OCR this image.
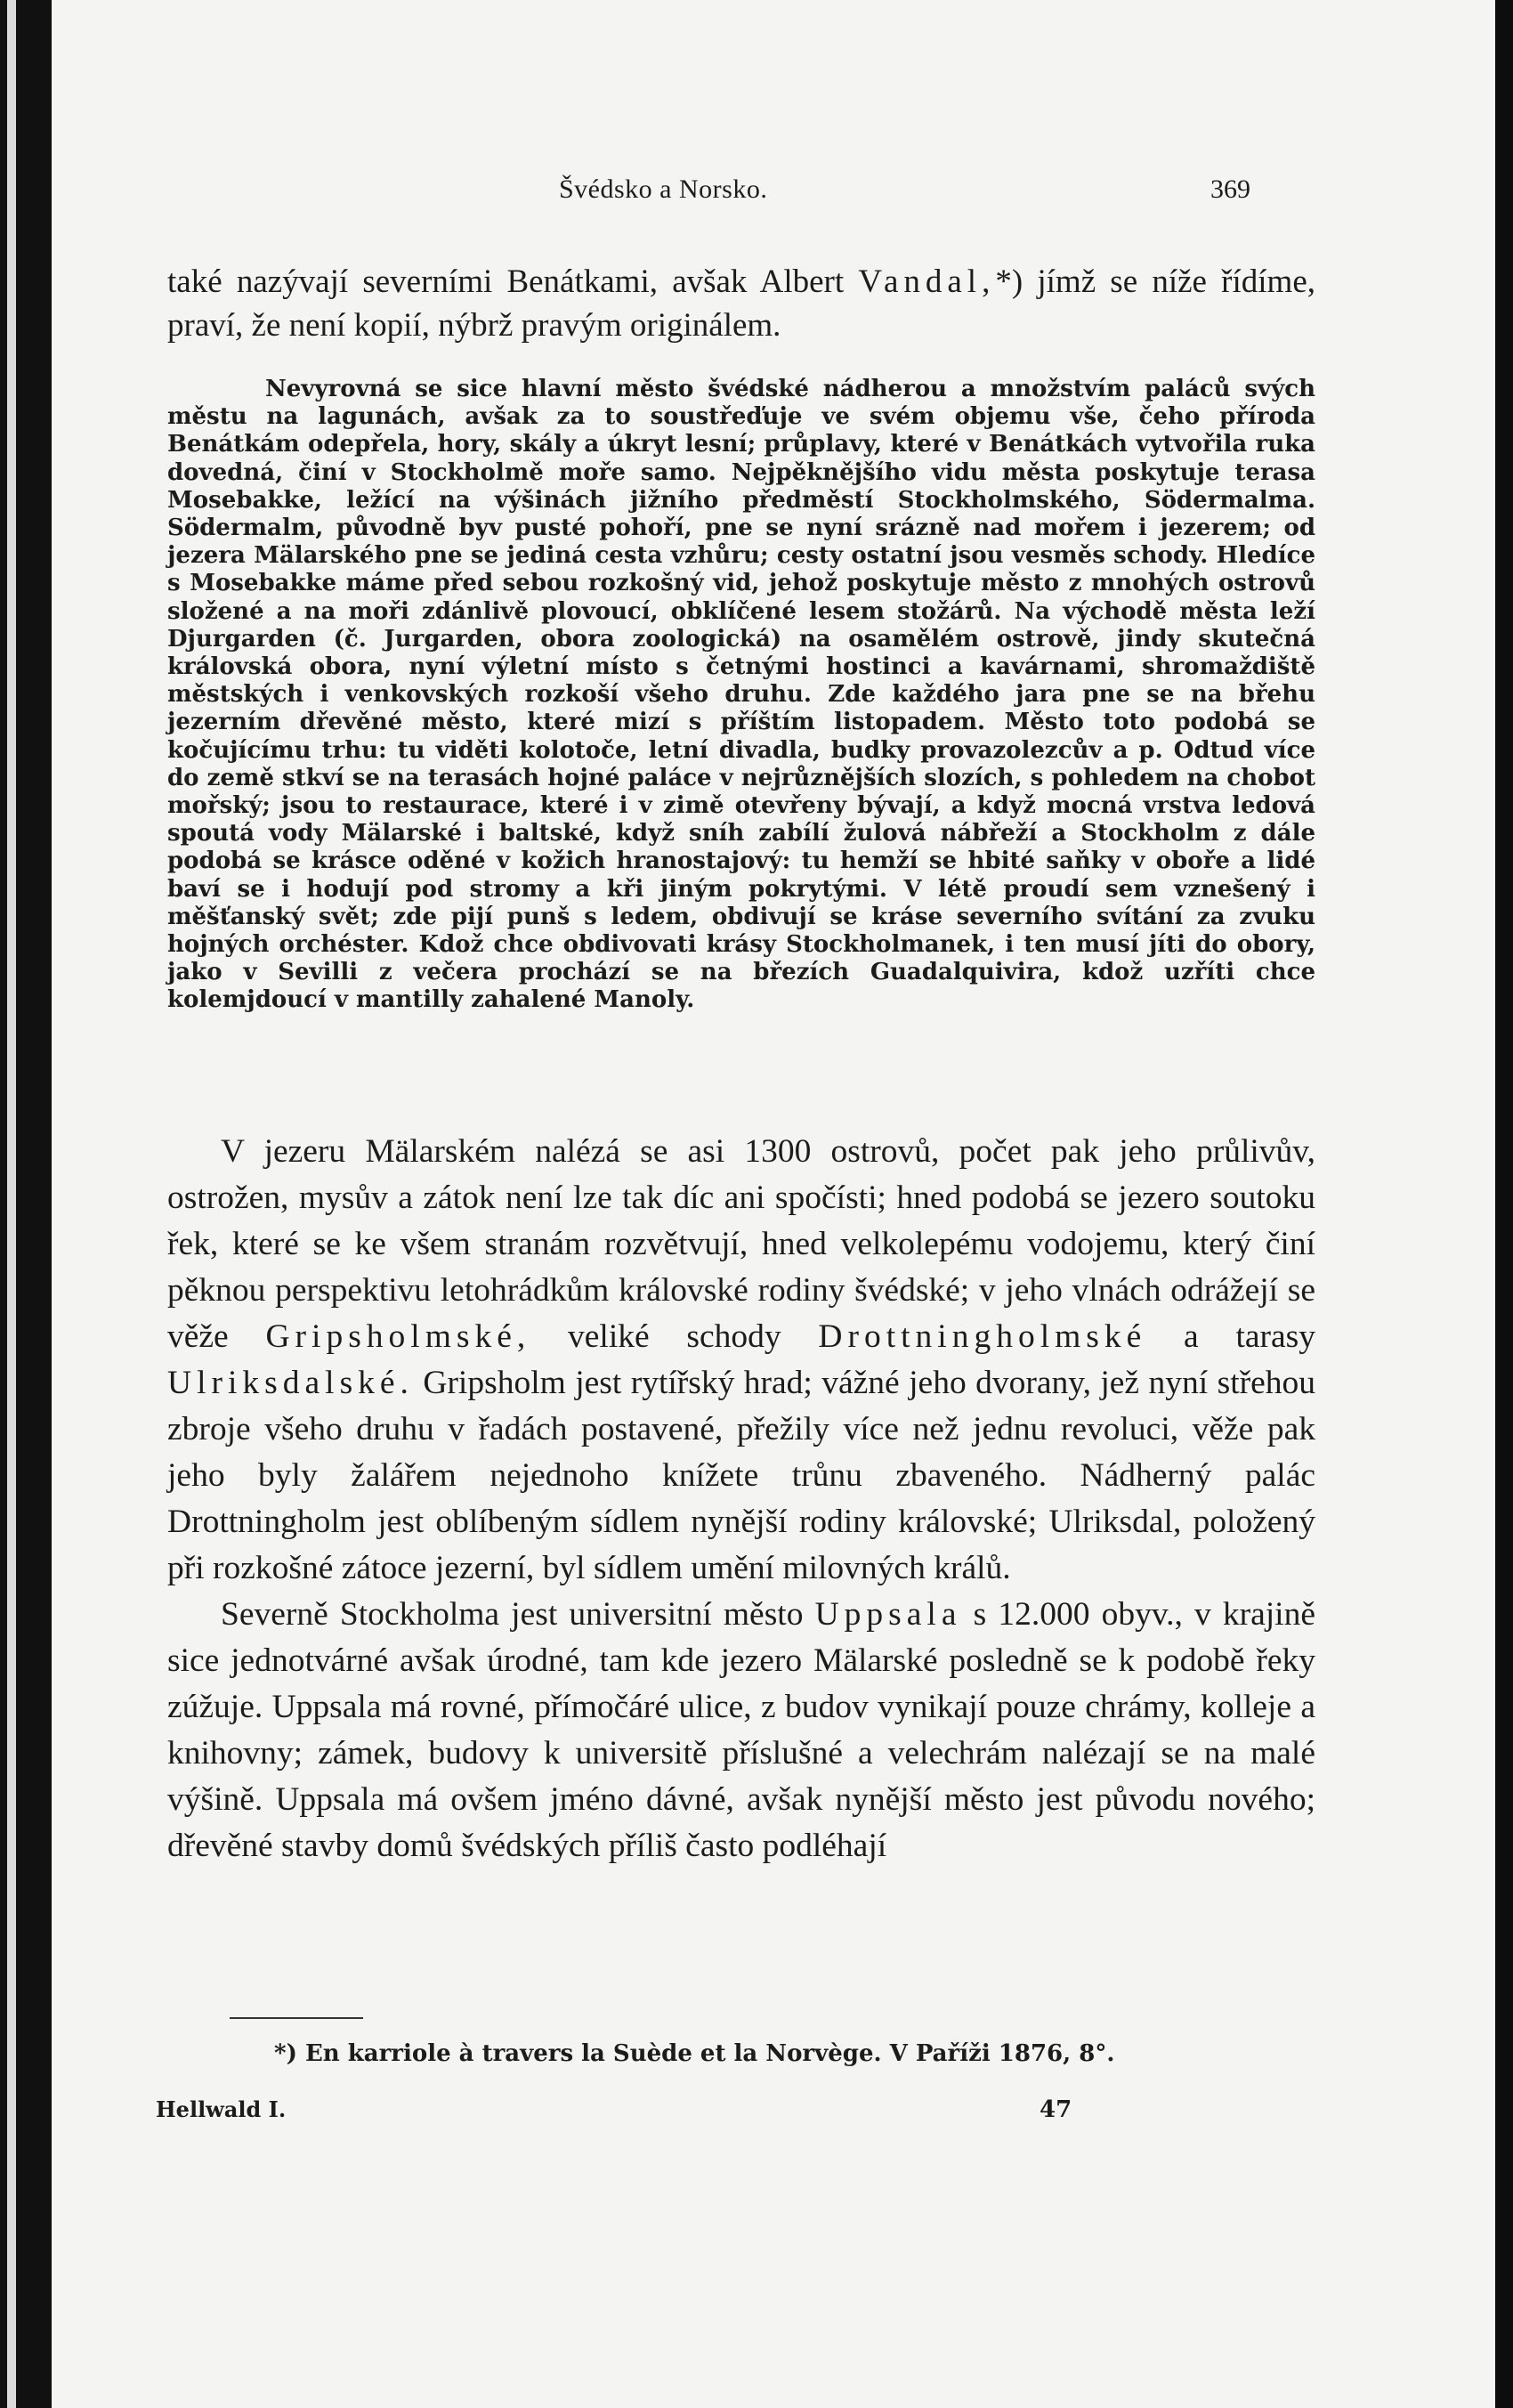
Švédsko a Norsko.	369
také nazývají severními Benátkami, avšak Albert Vandal,*) jímž se níže řídíme, praví, že není kopií, nýbrž pravým originálem.
Nevyrovná se sice hlavní město švédské nádherou a množstvím paláců svých městu na lagunách, avšak za to soustřeďuje ve svém objemu vše, čeho příroda Benátkám odepřela, hory, skály a úkryt lesní; průplavy, které v Benátkách vytvořila ruka dovedná, činí v Stockholmě moře samo. Nejpěknějšího vidu města poskytuje terasa Mosebakke, ležící na výšinách jižního předměstí Stockholmského, Södermalma. Södermalm, původně byv pusté pohoří, pne se nyní srázně nad mořem i jezerem; od jezera Mälarského pne se jediná cesta vzhůru; cesty ostatní jsou vesměs schody. Hledíce s Mosebakke máme před sebou rozkošný vid, jehož poskytuje město z mnohých ostrovů složené a na moři zdánlivě plovoucí, obklíčené lesem stožárů. Na východě města leží Djurgarden (č. Jurgarden, obora zoologická) na osamělém ostrově, jindy skutečná královská obora, nyní výletní místo s četnými hostinci a kavárnami, shromaždiště městských i venkovských rozkoší všeho druhu. Zde každého jara pne se na břehu jezerním dřevěné město, které mizí s příštím listopadem. Město toto podobá se kočujícímu trhu: tu viděti kolotoče, letní divadla, budky provazolezcův a p. Odtud více do země stkví se na terasách hojné paláce v nejrůznějších slozích, s pohledem na chobot mořský; jsou to restaurace, které i v zimě otevřeny bývají, a když mocná vrstva ledová spoutá vody Mälarské i baltské, když sníh zabílí žulová nábřeží a Stockholm z dále podobá se krásce oděné v kožich hranostajový: tu hemží se hbité saňky v oboře a lidé baví se i hodují pod stromy a kři jiným pokrytými. V létě proudí sem vznešený i měšťanský svět; zde pijí punš s ledem, obdivují se kráse severního svítání za zvuku hojných orchéster. Kdož chce obdivovati krásy Stockholmanek, i ten musí jíti do obory, jako v Sevilli z večera prochází se na březích Guadalquivira, kdož uzříti chce kolemjdoucí v mantilly zahalené Manoly.

V jezeru Mälarském nalézá se asi 1300 ostrovů, počet pak jeho průlivův, ostrožen, mysův a zátok není lze tak díc ani spočísti; hned podobá se jezero soutoku řek, které se ke všem stranám rozvětvují, hned velkolepému vodojemu, který činí pěknou perspektivu letohrádkům královské rodiny švédské; v jeho vlnách odrážejí se věže Gripsholmské, veliké schody Drottningholmské a tarasy Ulriksdalské. Gripsholm jest rytířský hrad; vážné jeho dvorany, jež nyní střehou zbroje všeho druhu v řadách postavené, přežily více než jednu revoluci, věže pak jeho byly žalářem nejednoho knížete trůnu zbaveného. Nádherný palác Drottningholm jest oblíbeným sídlem nynější rodiny královské; Ulriksdal, položený při rozkošné zátoce jezerní, byl sídlem umění milovných králů.

Severně Stockholma jest universitní město Uppsala s 12.000 obyv., v krajině sice jednotvárné avšak úrodné, tam kde jezero Mälarské posledně se k podobě řeky zúžuje. Uppsala má rovné, přímočáré ulice, z budov vynikají pouze chrámy, kolleje a knihovny; zámek, budovy k universitě příslušné a velechrám nalézají se na malé výšině. Uppsala má ovšem jméno dávné, avšak nynější město jest původu nového; dřevěné stavby domů švédských příliš často podléhají

*) En karriole à travers la Suède et la Norvège. V Paříži 1876, 8°.
Hellwald I.	47
